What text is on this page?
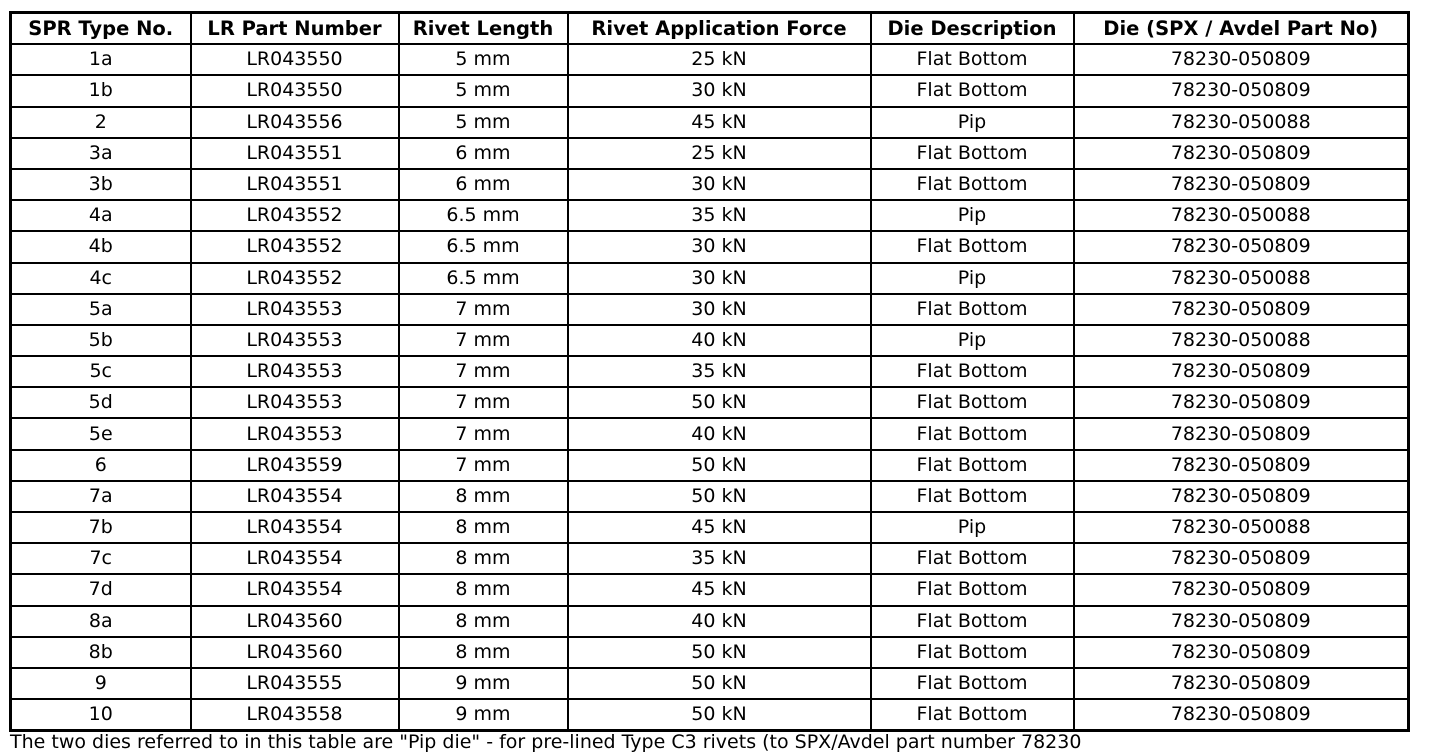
SPR Type No.	LR Part Number	Rivet Length	Rivet Application Force	Die Description	Die (SPX / Avdel Part No)
1a	LR043550	5 mm	25 kN	Flat Bottom	78230-050809
1b	LR043550	5 mm	30 kN	Flat Bottom	78230-050809
2	LR043556	5 mm	45 kN	Pip	78230-050088
3a	LR043551	6 mm	25 kN	Flat Bottom	78230-050809
3b	LR043551	6 mm	30 kN	Flat Bottom	78230-050809
4a	LR043552	6.5 mm	35 kN	Pip	78230-050088
4b	LR043552	6.5 mm	30 kN	Flat Bottom	78230-050809
4c	LR043552	6.5 mm	30 kN	Pip	78230-050088
5a	LR043553	7 mm	30 kN	Flat Bottom	78230-050809
5b	LR043553	7 mm	40 kN	Pip	78230-050088
5c	LR043553	7 mm	35 kN	Flat Bottom	78230-050809
5d	LR043553	7 mm	50 kN	Flat Bottom	78230-050809
5e	LR043553	7 mm	40 kN	Flat Bottom	78230-050809
6	LR043559	7 mm	50 kN	Flat Bottom	78230-050809
7a	LR043554	8 mm	50 kN	Flat Bottom	78230-050809
7b	LR043554	8 mm	45 kN	Pip	78230-050088
7c	LR043554	8 mm	35 kN	Flat Bottom	78230-050809
7d	LR043554	8 mm	45 kN	Flat Bottom	78230-050809
8a	LR043560	8 mm	40 kN	Flat Bottom	78230-050809
8b	LR043560	8 mm	50 kN	Flat Bottom	78230-050809
9	LR043555	9 mm	50 kN	Flat Bottom	78230-050809
10	LR043558	9 mm	50 kN	Flat Bottom	78230-050809
The two dies referred to in this table are "Pip die" - for pre-lined Type C3 rivets (to SPX/Avdel part number 78230
